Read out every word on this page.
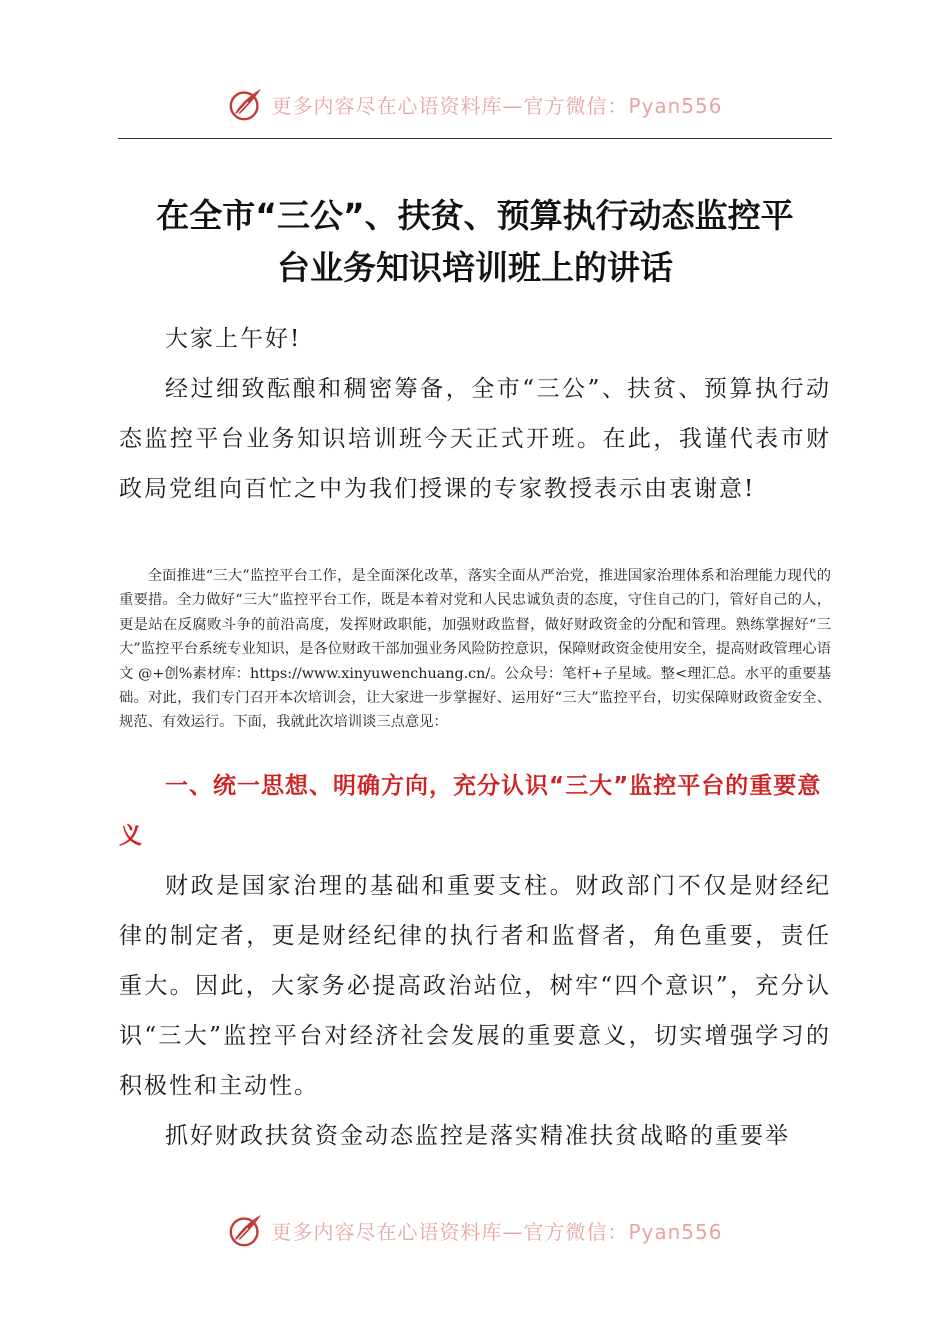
更多内容尽在心语资料库—官方微信：Pyan556
在全市“三公”、扶贫、预算执行动态监控平
台业务知识培训班上的讲话

大家上午好!

经过细致酝酿和稠密筹备，全市“三公”、扶贫、预算执行动态监控平台业务知识培训班今天正式开班。在此，我谨代表市财政局党组向百忙之中为我们授课的专家教授表示由衷谢意!

全面推进“三大”监控平台工作，是全面深化改革，落实全面从严治党，推进国家治理体系和治理能力现代的重要措。全力做好“三大”监控平台工作，既是本着对党和人民忠诚负责的态度，守住自己的门，管好自己的人，更是站在反腐败斗争的前沿高度，发挥财政职能，加强财政监督，做好财政资金的分配和管理。熟练掌握好“三大”监控平台系统专业知识，是各位财政干部加强业务风险防控意识，保障财政资金使用安全，提高财政管理心语文 @+创%素材库：https://www.xinyuwenchuang.cn/。公众号：笔杆+子星域。整<理汇总。水平的重要基础。对此，我们专门召开本次培训会，让大家进一步掌握好、运用好“三大”监控平台，切实保障财政资金安全、规范、有效运行。下面，我就此次培训谈三点意见：

一、统一思想、明确方向，充分认识“三大”监控平台的重要意义

财政是国家治理的基础和重要支柱。财政部门不仅是财经纪律的制定者，更是财经纪律的执行者和监督者，角色重要，责任重大。因此，大家务必提高政治站位，树牢“四个意识”，充分认识“三大”监控平台对经济社会发展的重要意义，切实增强学习的积极性和主动性。

抓好财政扶贫资金动态监控是落实精准扶贫战略的重要举

更多内容尽在心语资料库—官方微信：Pyan556
